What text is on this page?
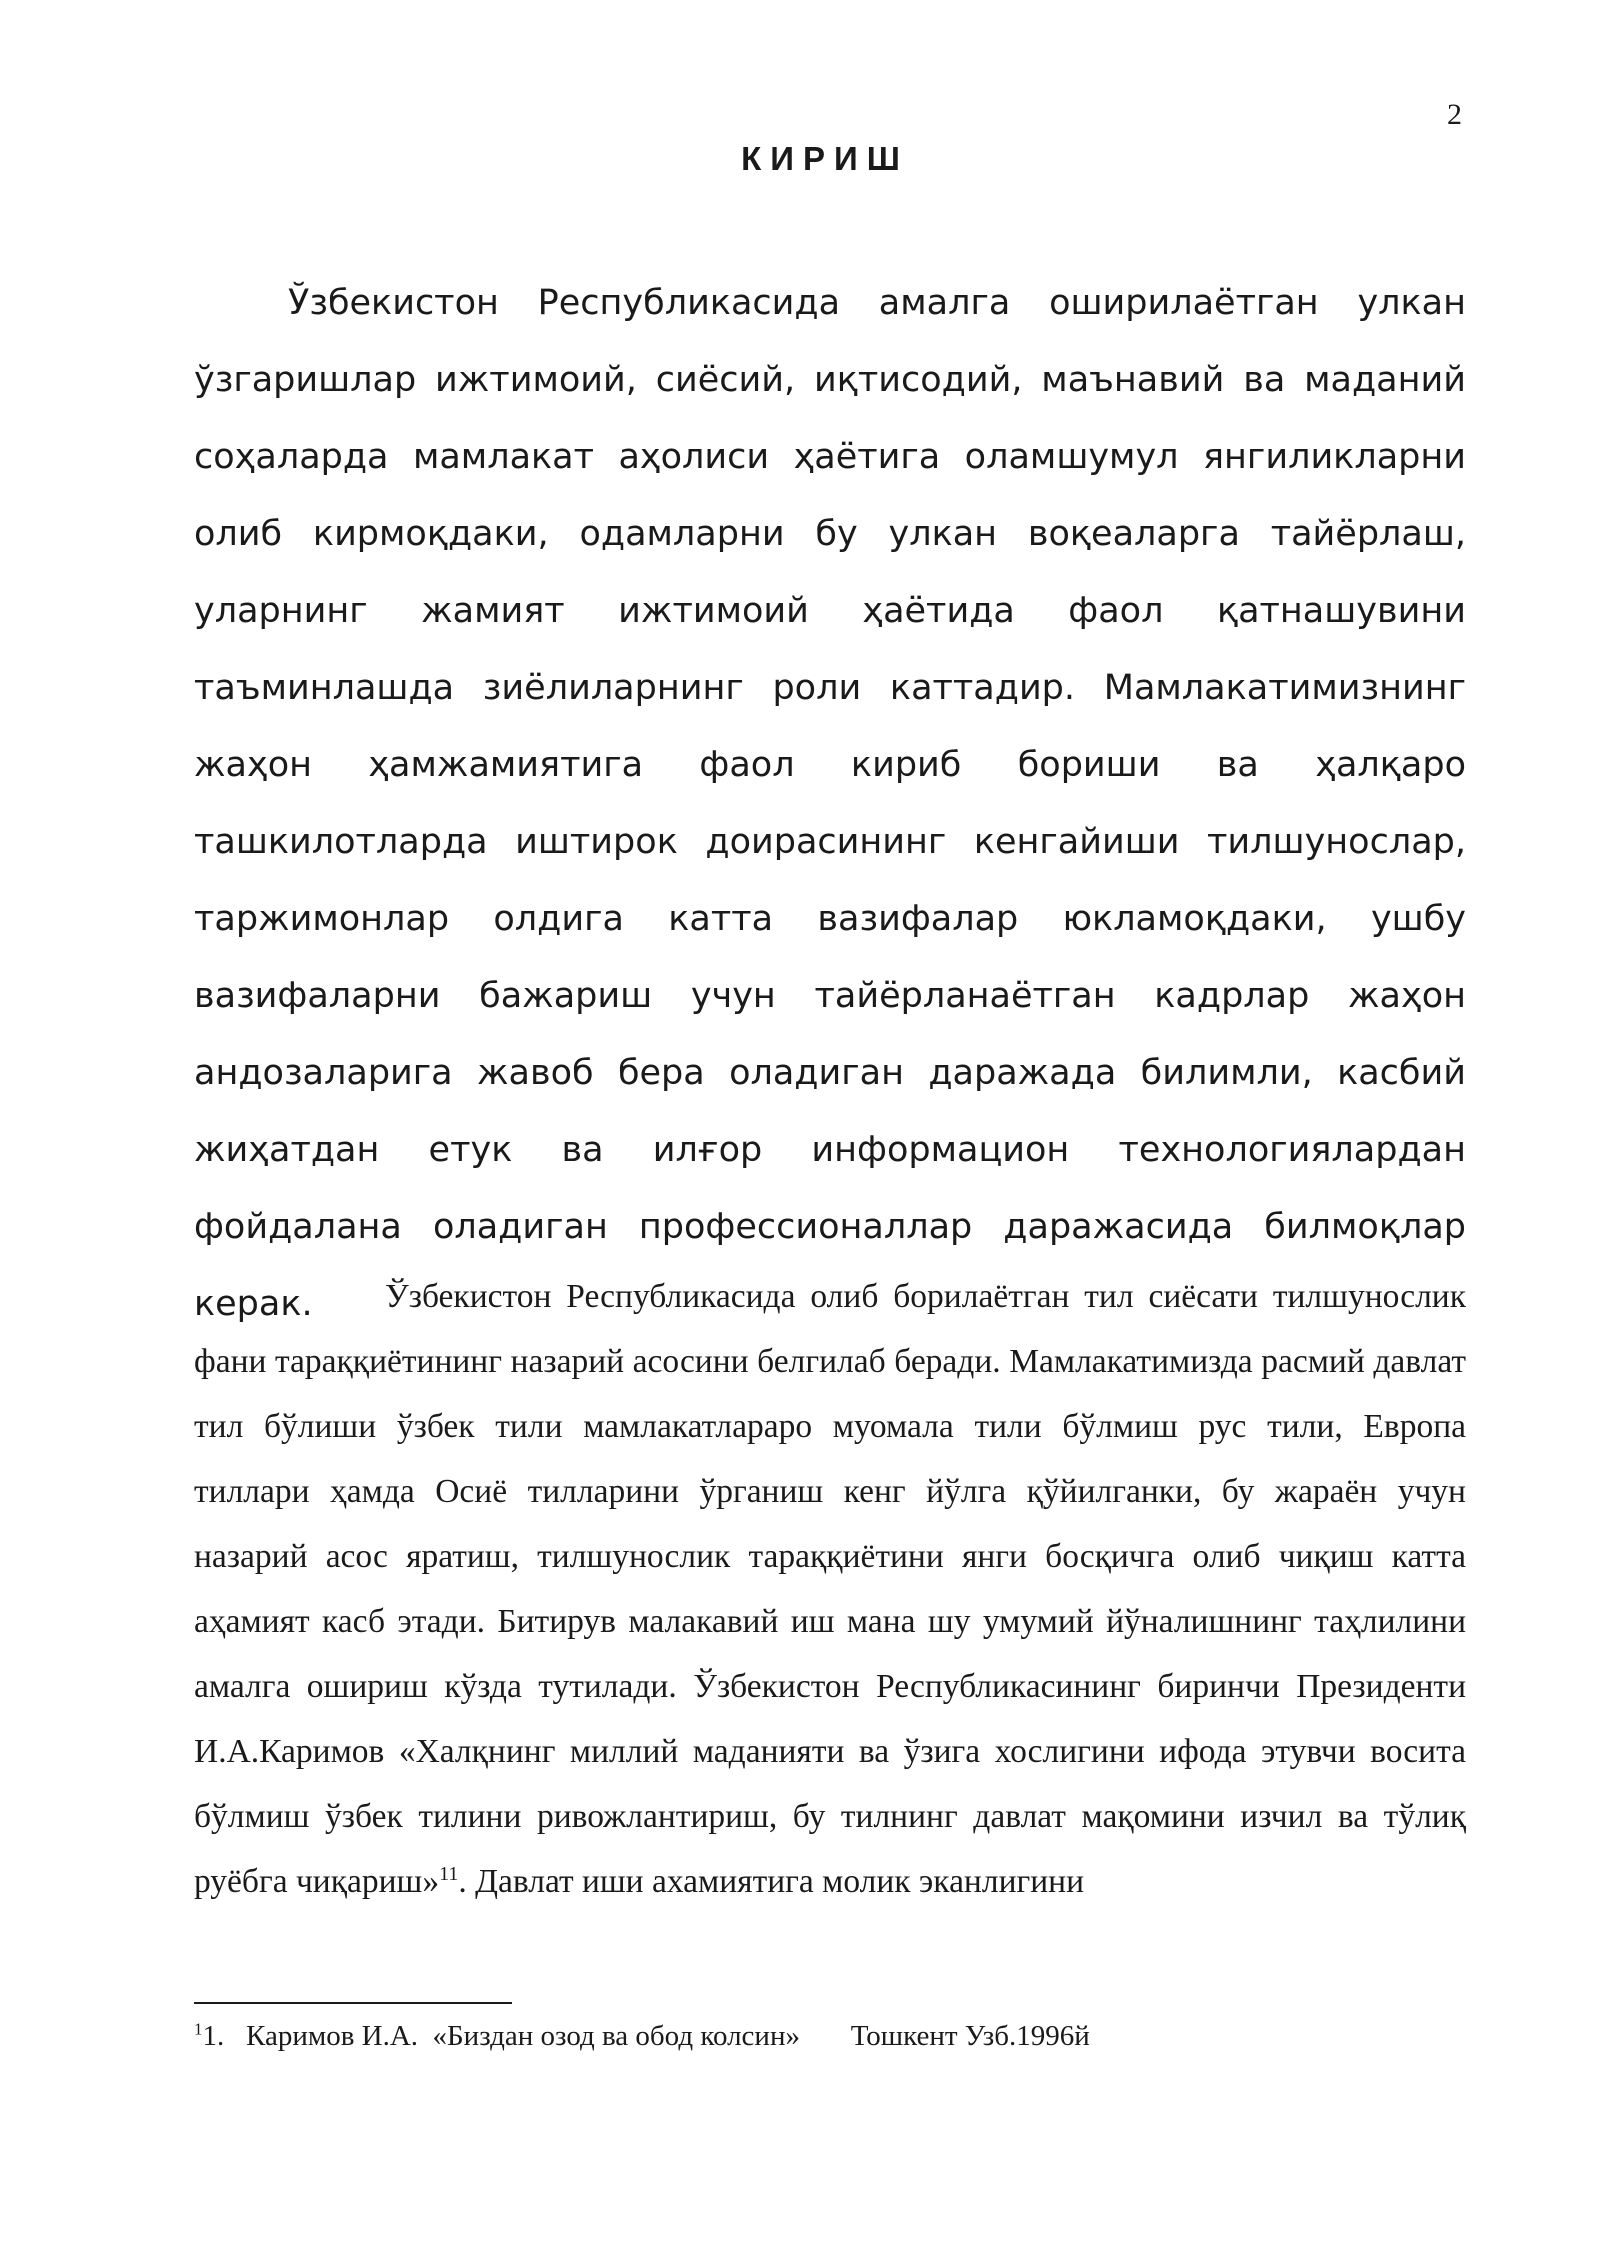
2
КИРИШ

Ўзбекистон Республикасида амалга оширилаётган улкан ўзгаришлар ижтимоий, сиёсий, иқтисодий, маънавий ва маданий соҳаларда мамлакат аҳолиси ҳаётига оламшумул янгиликларни олиб кирмоқдаки, одамларни бу улкан воқеаларга тайёрлаш, уларнинг жамият ижтимоий ҳаётида фаол қатнашувини таъминлашда зиёлиларнинг роли каттадир. Мамлакатимизнинг жаҳон ҳамжамиятига фаол кириб бориши ва ҳалқаро ташкилотларда иштирок доирасининг кенгайиши тилшунослар, таржимонлар олдига катта вазифалар юкламоқдаки, ушбу вазифаларни бажариш учун тайёрланаётган кадрлар жаҳон андозаларига жавоб бера оладиган даражада билимли, касбий жиҳатдан етук ва илғор информацион технологиялардан фойдалана оладиган профессионаллар даражасида билмоқлар керак.	Ўзбекистон Республикасида олиб борилаётган тил сиёсати тилшунослик фани тараққиётининг назарий асосини белгилаб беради. Мамлакатимизда расмий давлат тил бўлиши ўзбек тили мамлакатлараро муомала тили бўлмиш рус тили, Европа тиллари ҳамда Осиё тилларини ўрганиш кенг йўлга қўйилганки, бу жараён учун назарий асос яратиш, тилшунослик тараққиётини янги босқичга олиб чиқиш катта аҳамият касб этади. Битирув малакавий иш мана шу умумий йўналишнинг таҳлилини амалга ошириш кўзда тутилади. Ўзбекистон Республикасининг биринчи Президенти И.А.Каримов «Халқнинг миллий маданияти ва ўзига хослигини ифода этувчи восита бўлмиш ўзбек тилини ривожлантириш, бу тилнинг давлат мақомини изчил ва тўлиқ руёбга чиқариш»$^{11}$. Давлат иши ахамиятига молик эканлигини

$^1$1.   Каримов И.А.  «Биздан озод ва обод колсин»       Тошкент Узб.1996й
